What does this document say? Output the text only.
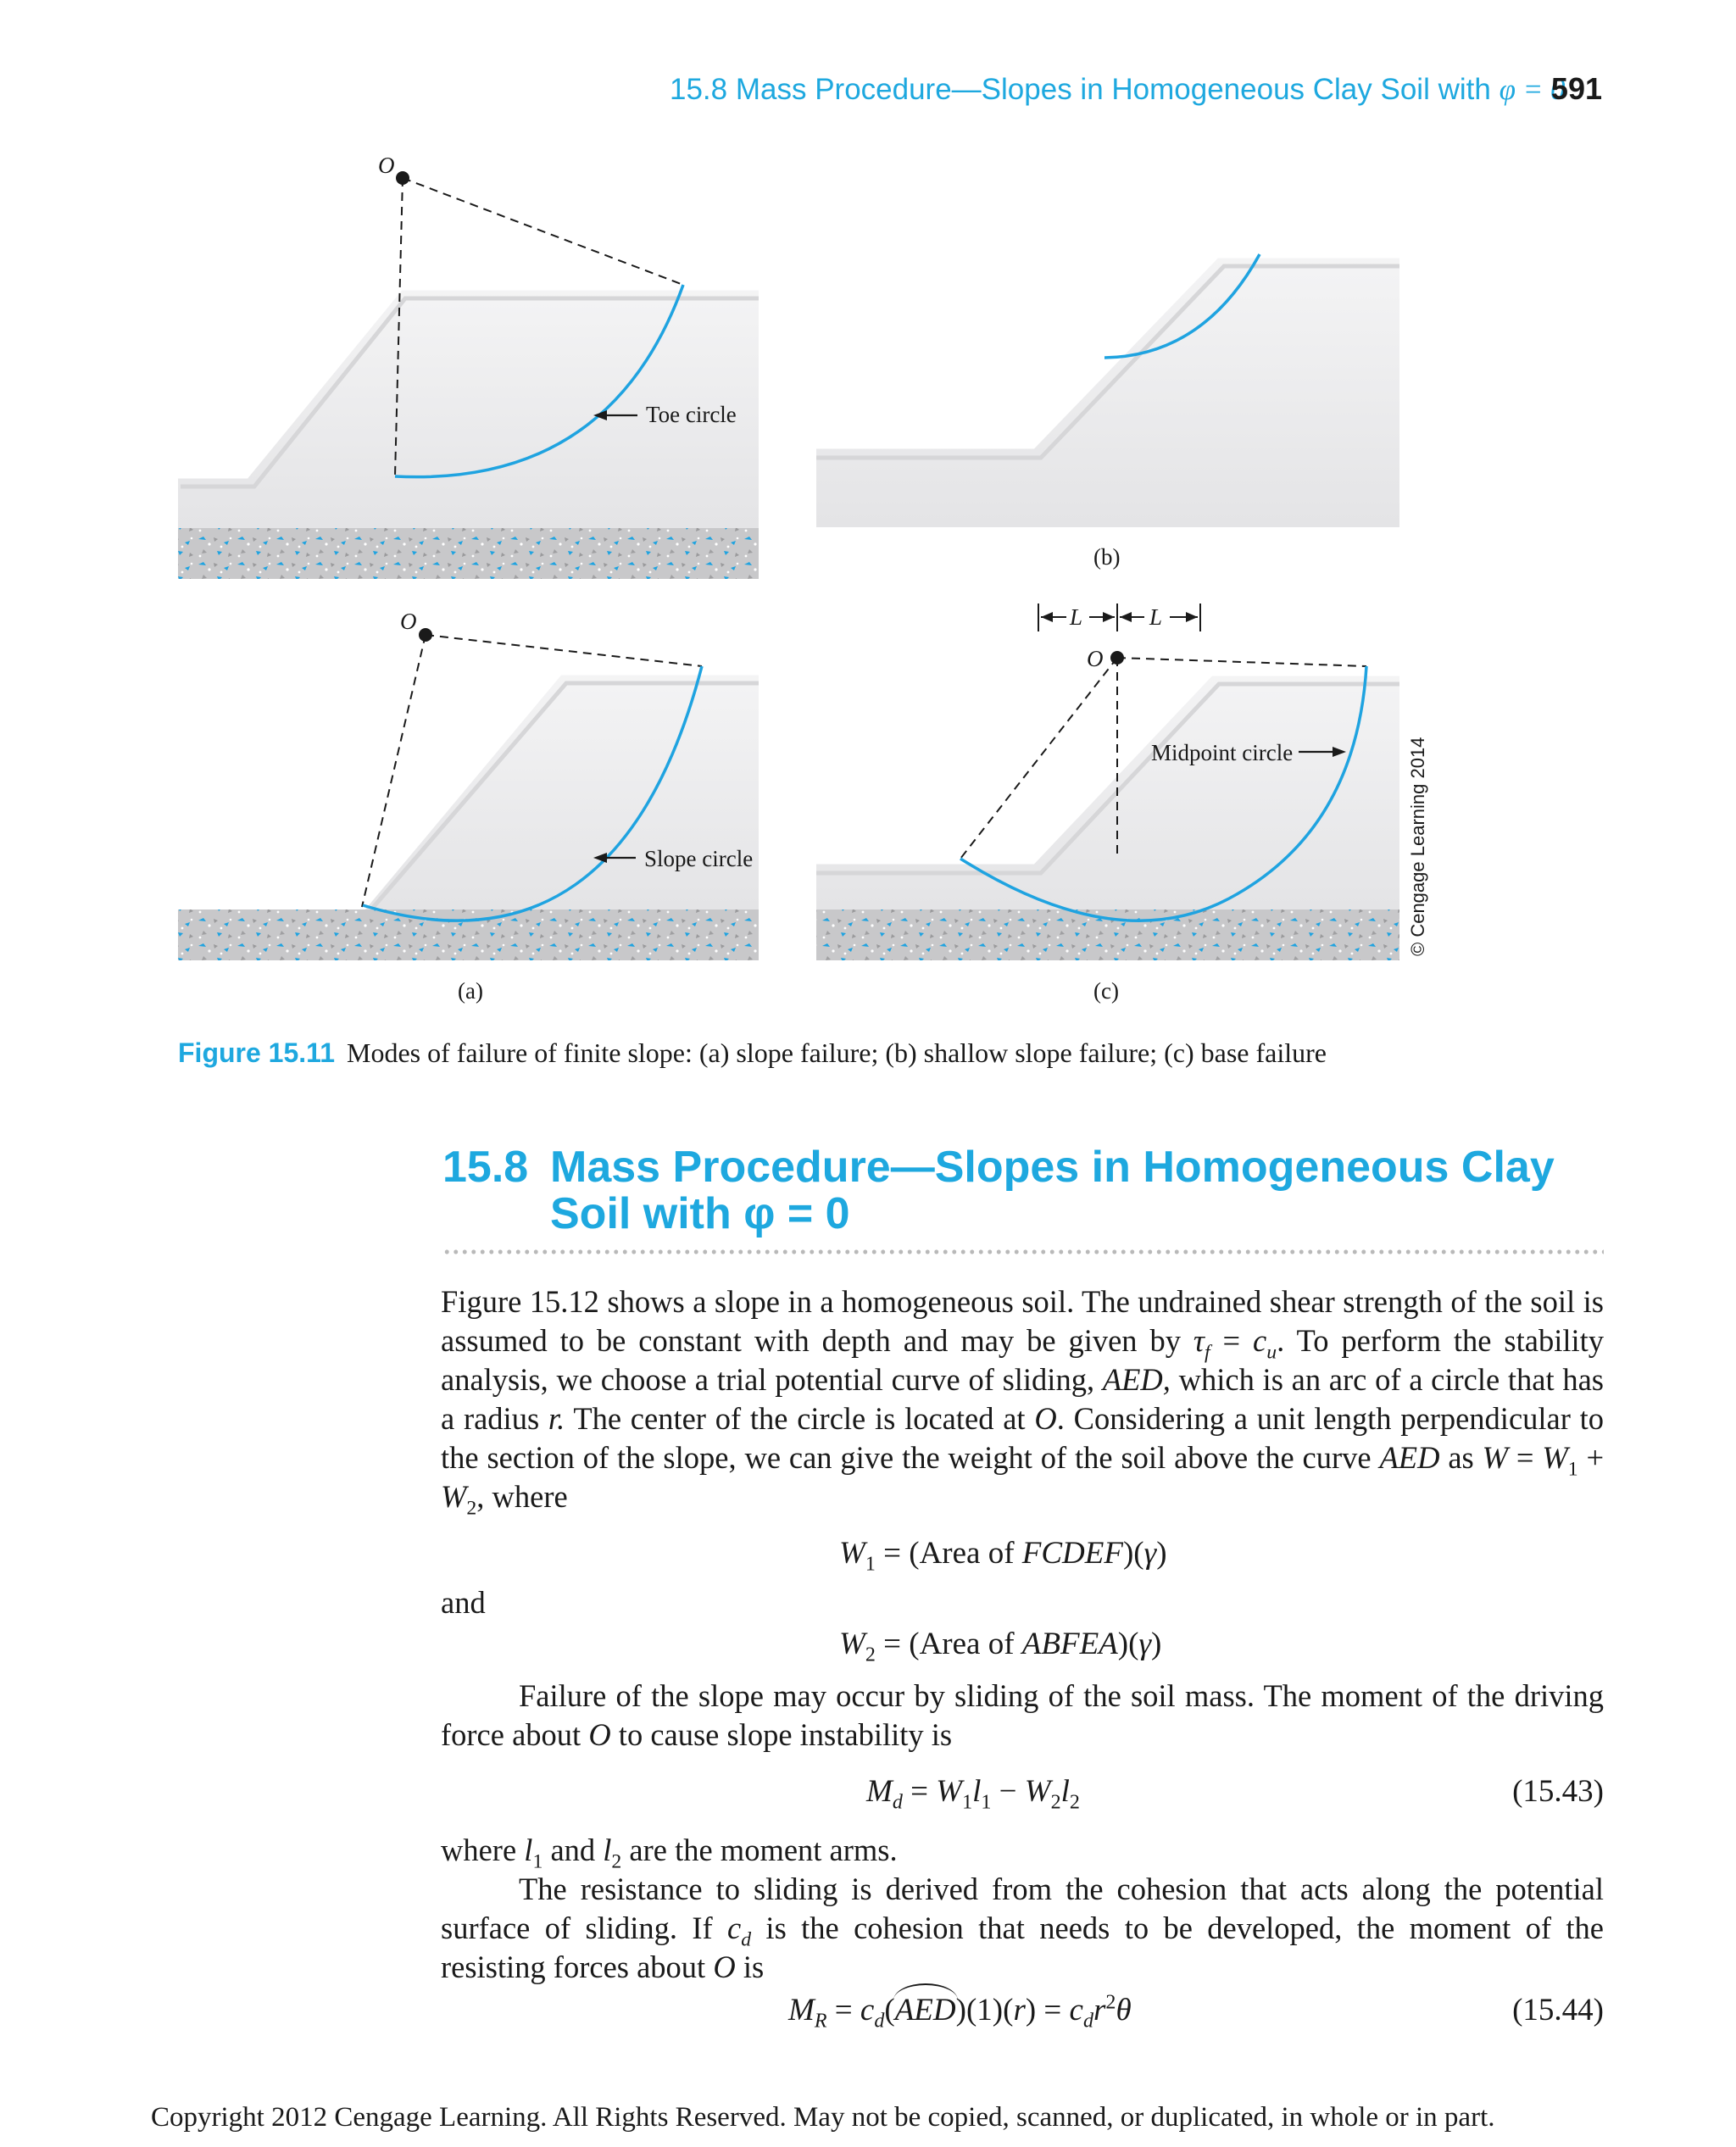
15.8 Mass Procedure—Slopes in Homogeneous Clay Soil with φ = 0
591
O
Toe circle
(b)
O
Slope circle
(a)	(c)
O
L	L
Midpoint circle	© Cengage Learning 2014
Figure 15.11 Modes of failure of finite slope: (a) slope failure; (b) shallow slope failure; (c) base failure
15.8 Mass Procedure—Slopes in Homogeneous Clay
Soil with φ = 0
Figure 15.12 shows a slope in a homogeneous soil. The undrained shear strength of the soil is assumed to be constant with depth and may be given by $\tau_f = c_u$. To perform the stability analysis, we choose a trial potential curve of sliding, AED, which is an arc of a circle that has a radius r. The center of the circle is located at O. Considering a unit length perpendicular to the section of the slope, we can give the weight of the soil above the curve AED as $W = W_1 + W_2$, where
$W_1$ = (Area of FCDEF)(γ)
and
$W_2$ = (Area of ABFEA)(γ)
Failure of the slope may occur by sliding of the soil mass. The moment of the driving force about O to cause slope instability is
$M_d = W_1l_1 - W_2l_2$	(15.43)
where $l_1$ and $l_2$ are the moment arms.
The resistance to sliding is derived from the cohesion that acts along the potential surface of sliding. If $c_d$ is the cohesion that needs to be developed, the moment of the resisting forces about O is
$M_R = c_d(AED)(1)(r) = c_dr^2\theta$	(15.44)
Copyright 2012 Cengage Learning. All Rights Reserved. May not be copied, scanned, or duplicated, in whole or in part.
